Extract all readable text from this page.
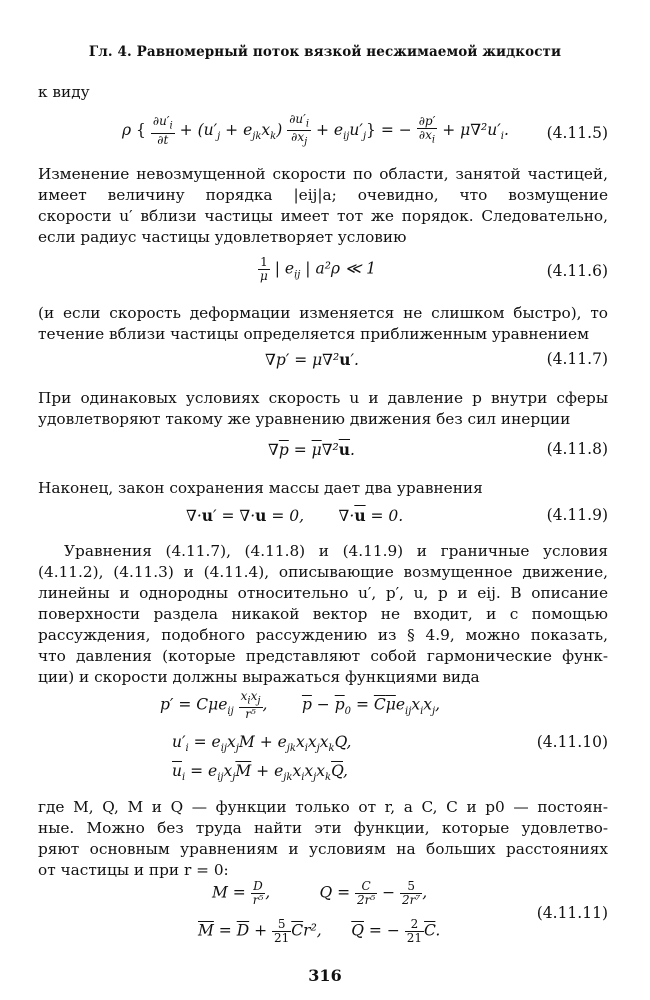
Гл. 4. Равномерный поток вязкой несжимаемой жидкости
к виду
ρ { $\frac{\partial u'_i}{\partial t} + (u'_j + e_{jk}x_k) \frac{\partial u'_i}{\partial x_j} + e_{ij}u'_j$} = − $\frac{\partial p'}{\partial x_i} + \mu\nabla^2u'_i$. (4.11.5)
Изменение невозмущенной скорости по области, занятой частицей,
имеет величину порядка |eij|a; очевидно, что возмущение
скорости u′ вблизи частицы имеет тот же порядок. Следовательно,
если радиус частицы удовлетворяет условию
$\frac{1}{\mu}$ | $e_{ij}$ | a²ρ ≪ 1	(4.11.6)
(и если скорость деформации изменяется не слишком быстро), то
течение вблизи частицы определяется приближенным уравнением
∇p′ = μ∇²u′.	(4.11.7)
При одинаковых условиях скорость u и давление p внутри сферы
удовлетворяют такому же уравнению движения без сил инерции
$\nabla\overline{p} = \overline{\mu}\nabla^2\overline{u}$.	(4.11.8)
Наконец, закон сохранения массы дает два уравнения
∇·u′ = ∇·u = 0,       $\nabla\cdot\overline{u} = 0$.	(4.11.9)
Уравнения (4.11.7), (4.11.8) и (4.11.9) и граничные условия
(4.11.2), (4.11.3) и (4.11.4), описывающие возмущенное движение,
линейны и однородны относительно u′, p′, u, p и eij. В описание
поверхности раздела никакой вектор не входит, и с помощью
рассуждения, подобного рассуждению из § 4.9, можно показать,
что давления (которые представляют собой гармонические функ-
ции) и скорости должны выражаться функциями вида
$p' = C\mu e_{ij} \frac{x_ix_j}{\text{r⁵}}$ ,       $\overline{p} - \overline{p}_0 = \overline{C}\overline{\mu}e_{ij}x_ix_j$,
$u'_i = e_{ij}x_jM + e_{jk}x_ix_jx_kQ$,	(4.11.10)
$\overline{u}_i = e_{ij}x_j\overline{M} + e_{jk}x_ix_jx_k\overline{Q}$,
где M, Q, M и Q — функции только от r, а C, C и p0 — постоян-
ные. Можно без труда найти эти функции, которые удовлетво-
ряют основным уравнениям и условиям на больших расстояниях
от частицы и при r = 0:
$M = \frac{D}{\text{r⁵}}$ ,          $Q = \frac{C}{\text{2r⁵}} - \frac{5}{\text{2r⁷}}$ ,
(4.11.11)
$\overline{M} = \overline{D} + \frac{5}{21} \overline{C}r^2$,      $\overline{Q}$ = − $\frac{2}{21} \overline{C}$.
316
